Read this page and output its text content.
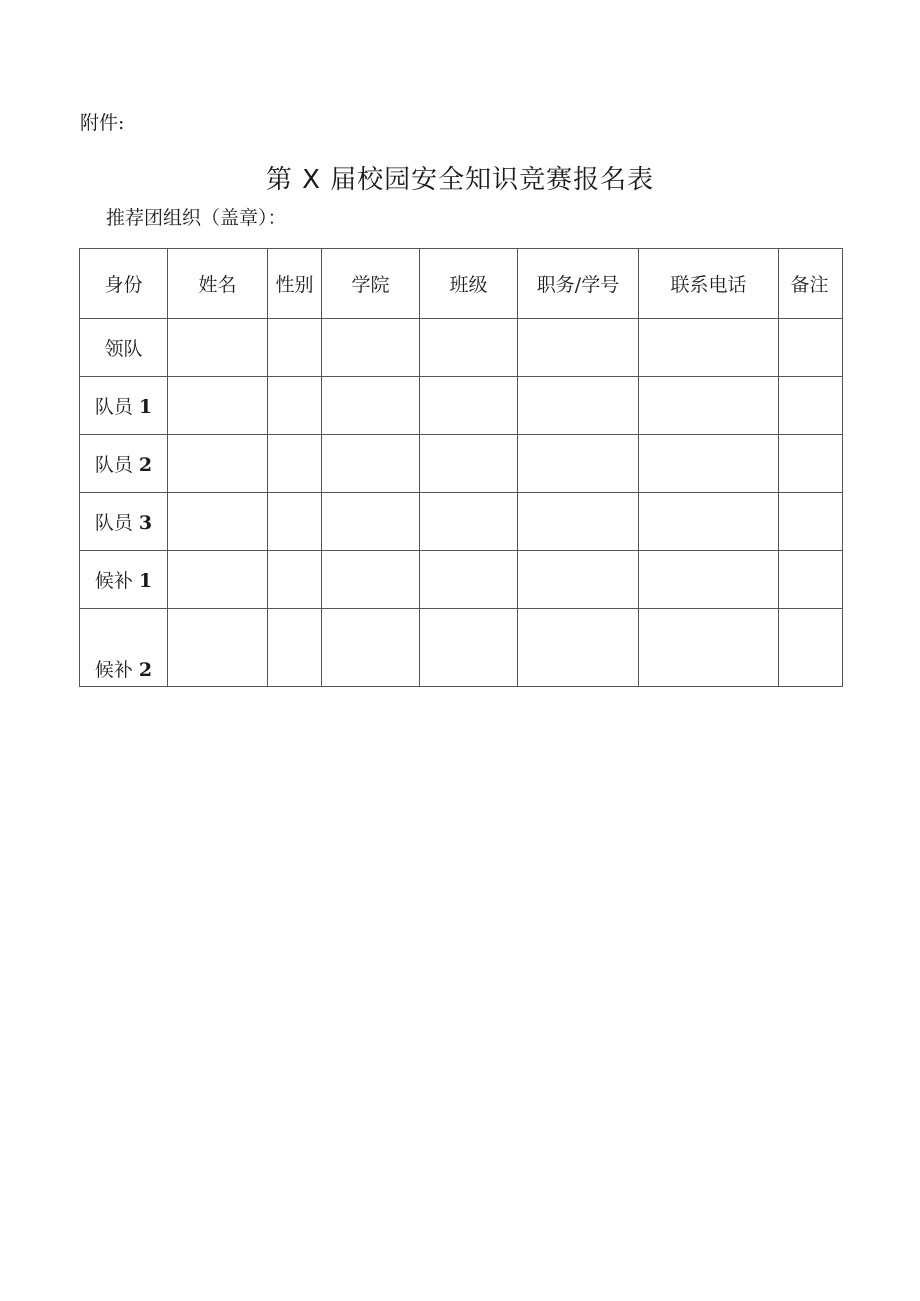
附件:
第 X 届校园安全知识竞赛报名表
推荐团组织（盖章）：
身份	姓名	性别	学院	班级	职务/学号	联系电话	备注
领队							
队员 1							
队员 2							
队员 3							
候补 1							
候补 2							
